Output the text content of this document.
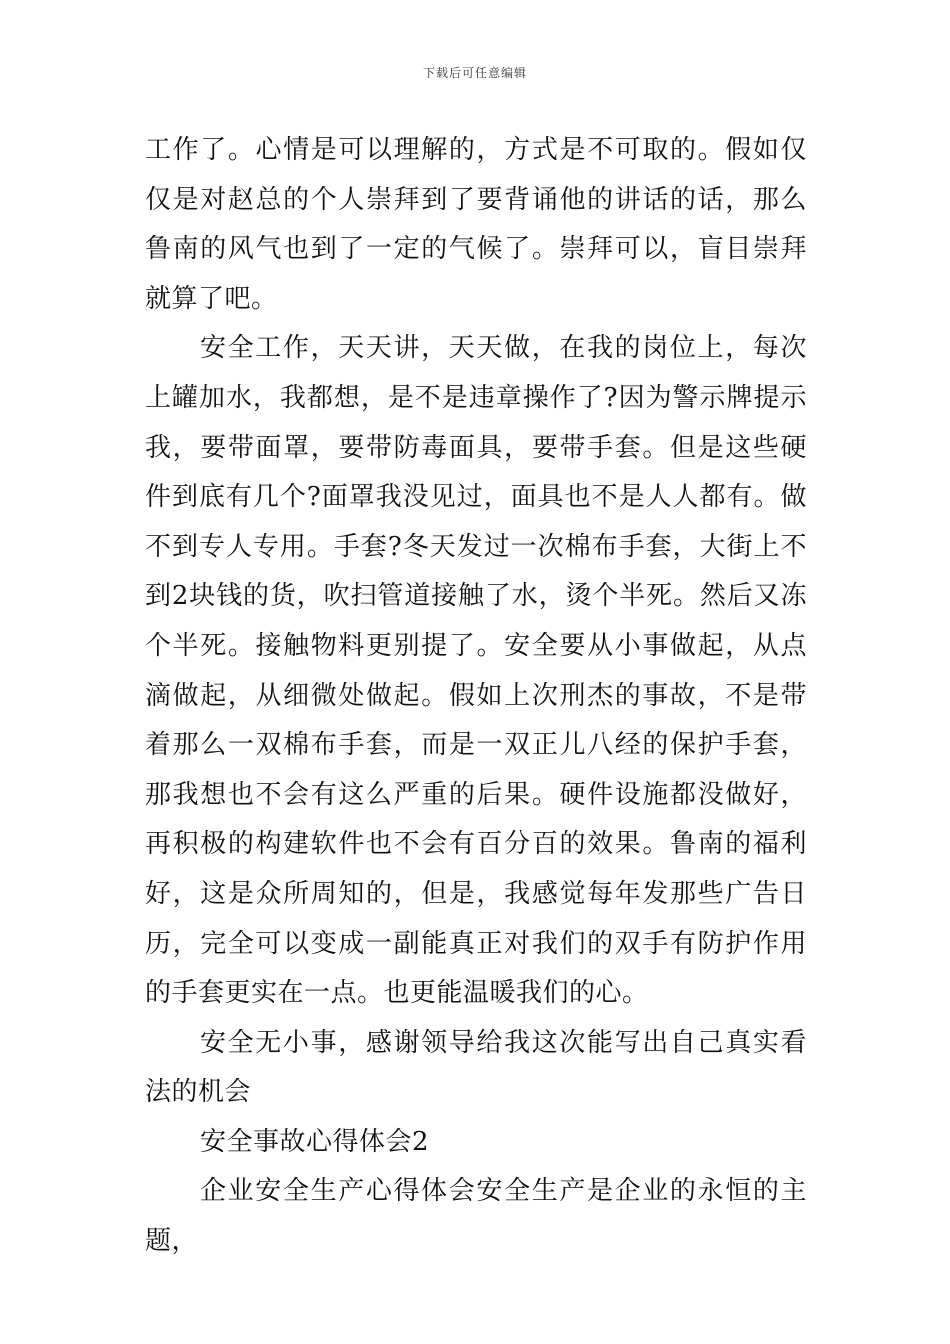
下载后可任意编辑

工作了。心情是可以理解的，方式是不可取的。假如仅仅是对赵总的个人崇拜到了要背诵他的讲话的话，那么鲁南的风气也到了一定的气候了。崇拜可以，盲目崇拜就算了吧。

安全工作，天天讲，天天做，在我的岗位上，每次上罐加水，我都想，是不是违章操作了?因为警示牌提示我，要带面罩，要带防毒面具，要带手套。但是这些硬件到底有几个?面罩我没见过，面具也不是人人都有。做不到专人专用。手套?冬天发过一次棉布手套，大街上不到2块钱的货，吹扫管道接触了水，烫个半死。然后又冻个半死。接触物料更别提了。安全要从小事做起，从点滴做起，从细微处做起。假如上次刑杰的事故，不是带着那么一双棉布手套，而是一双正儿八经的保护手套，那我想也不会有这么严重的后果。硬件设施都没做好，再积极的构建软件也不会有百分百的效果。鲁南的福利好，这是众所周知的，但是，我感觉每年发那些广告日历，完全可以变成一副能真正对我们的双手有防护作用的手套更实在一点。也更能温暖我们的心。

安全无小事，感谢领导给我这次能写出自己真实看法的机会

安全事故心得体会2

企业安全生产心得体会安全生产是企业的永恒的主题，
